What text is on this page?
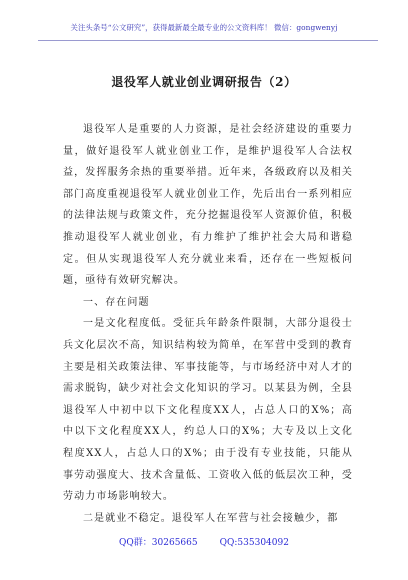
关注头条号“公文研究”，获得最新最全最专业的公文资料库！ 微信：gongwenyj
退役军人就业创业调研报告（2）

退役军人是重要的人力资源，是社会经济建设的重要力量，做好退役军人就业创业工作，是维护退役军人合法权益，发挥服务余热的重要举措。近年来，各级政府以及相关部门高度重视退役军人就业创业工作，先后出台一系列相应的法律法规与政策文件，充分挖掘退役军人资源价值，积极推动退役军人就业创业，有力维护了维护社会大局和谐稳定。但从实现退役军人充分就业来看，还存在一些短板问题，亟待有效研究解决。

一、存在问题

一是文化程度低。受征兵年龄条件限制，大部分退役士兵文化层次不高，知识结构较为简单，在军营中受到的教育主要是相关政策法律、军事技能等，与市场经济中对人才的需求脱钩，缺少对社会文化知识的学习。以某县为例，全县退役军人中初中以下文化程度XX人，占总人口的X%；高中以下文化程度XX人，约总人口的X%；大专及以上文化程度XX人，占总人口的X%；由于没有专业技能，只能从事劳动强度大、技术含量低、工资收入低的低层次工种，受劳动力市场影响较大。

二是就业不稳定。退役军人在军营与社会接触少，都

QQ群：30265665 QQ:535304092
